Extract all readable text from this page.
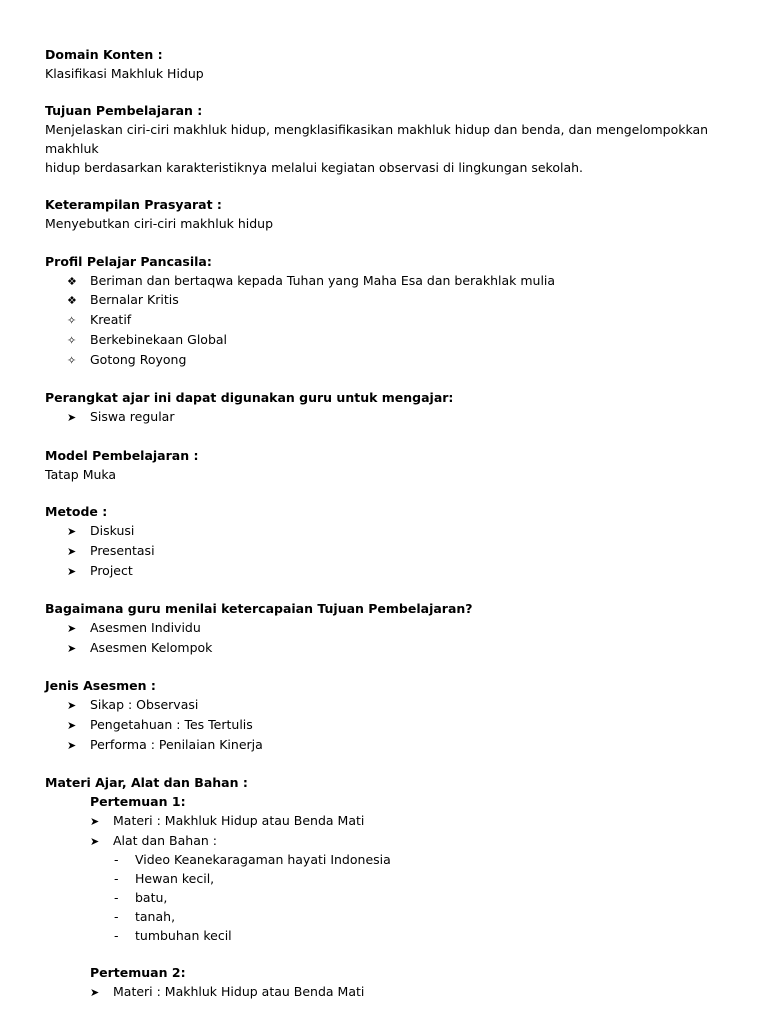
Domain Konten :

Klasifikasi Makhluk Hidup

Tujuan Pembelajaran :

Menjelaskan ciri-ciri makhluk hidup, mengklasifikasikan makhluk hidup dan benda, dan mengelompokkan makhluk

hidup berdasarkan karakteristiknya melalui kegiatan observasi di lingkungan sekolah.

Keterampilan Prasyarat :

Menyebutkan ciri-ciri makhluk hidup

Profil Pelajar Pancasila:
❖	Beriman dan bertaqwa kepada Tuhan yang Maha Esa dan berakhlak mulia
❖	Bernalar Kritis
✧	Kreatif
✧	Berkebinekaan Global
✧	Gotong Royong
Perangkat ajar ini dapat digunakan guru untuk mengajar:
➤	Siswa regular
Model Pembelajaran :

Tatap Muka

Metode :
➤	Diskusi
➤	Presentasi
➤	Project
Bagaimana guru menilai ketercapaian Tujuan Pembelajaran?
➤	Asesmen Individu
➤	Asesmen Kelompok
Jenis Asesmen :
➤	Sikap : Observasi
➤	Pengetahuan : Tes Tertulis
➤	Performa : Penilaian Kinerja
Materi Ajar, Alat dan Bahan :
Pertemuan 1:
➤	Materi : Makhluk Hidup atau Benda Mati
➤	Alat dan Bahan :
-	Video Keanekaragaman hayati Indonesia
-	Hewan kecil,
-	batu,
-	tanah,
-	tumbuhan kecil
Pertemuan 2:
➤	Materi : Makhluk Hidup atau Benda Mati
